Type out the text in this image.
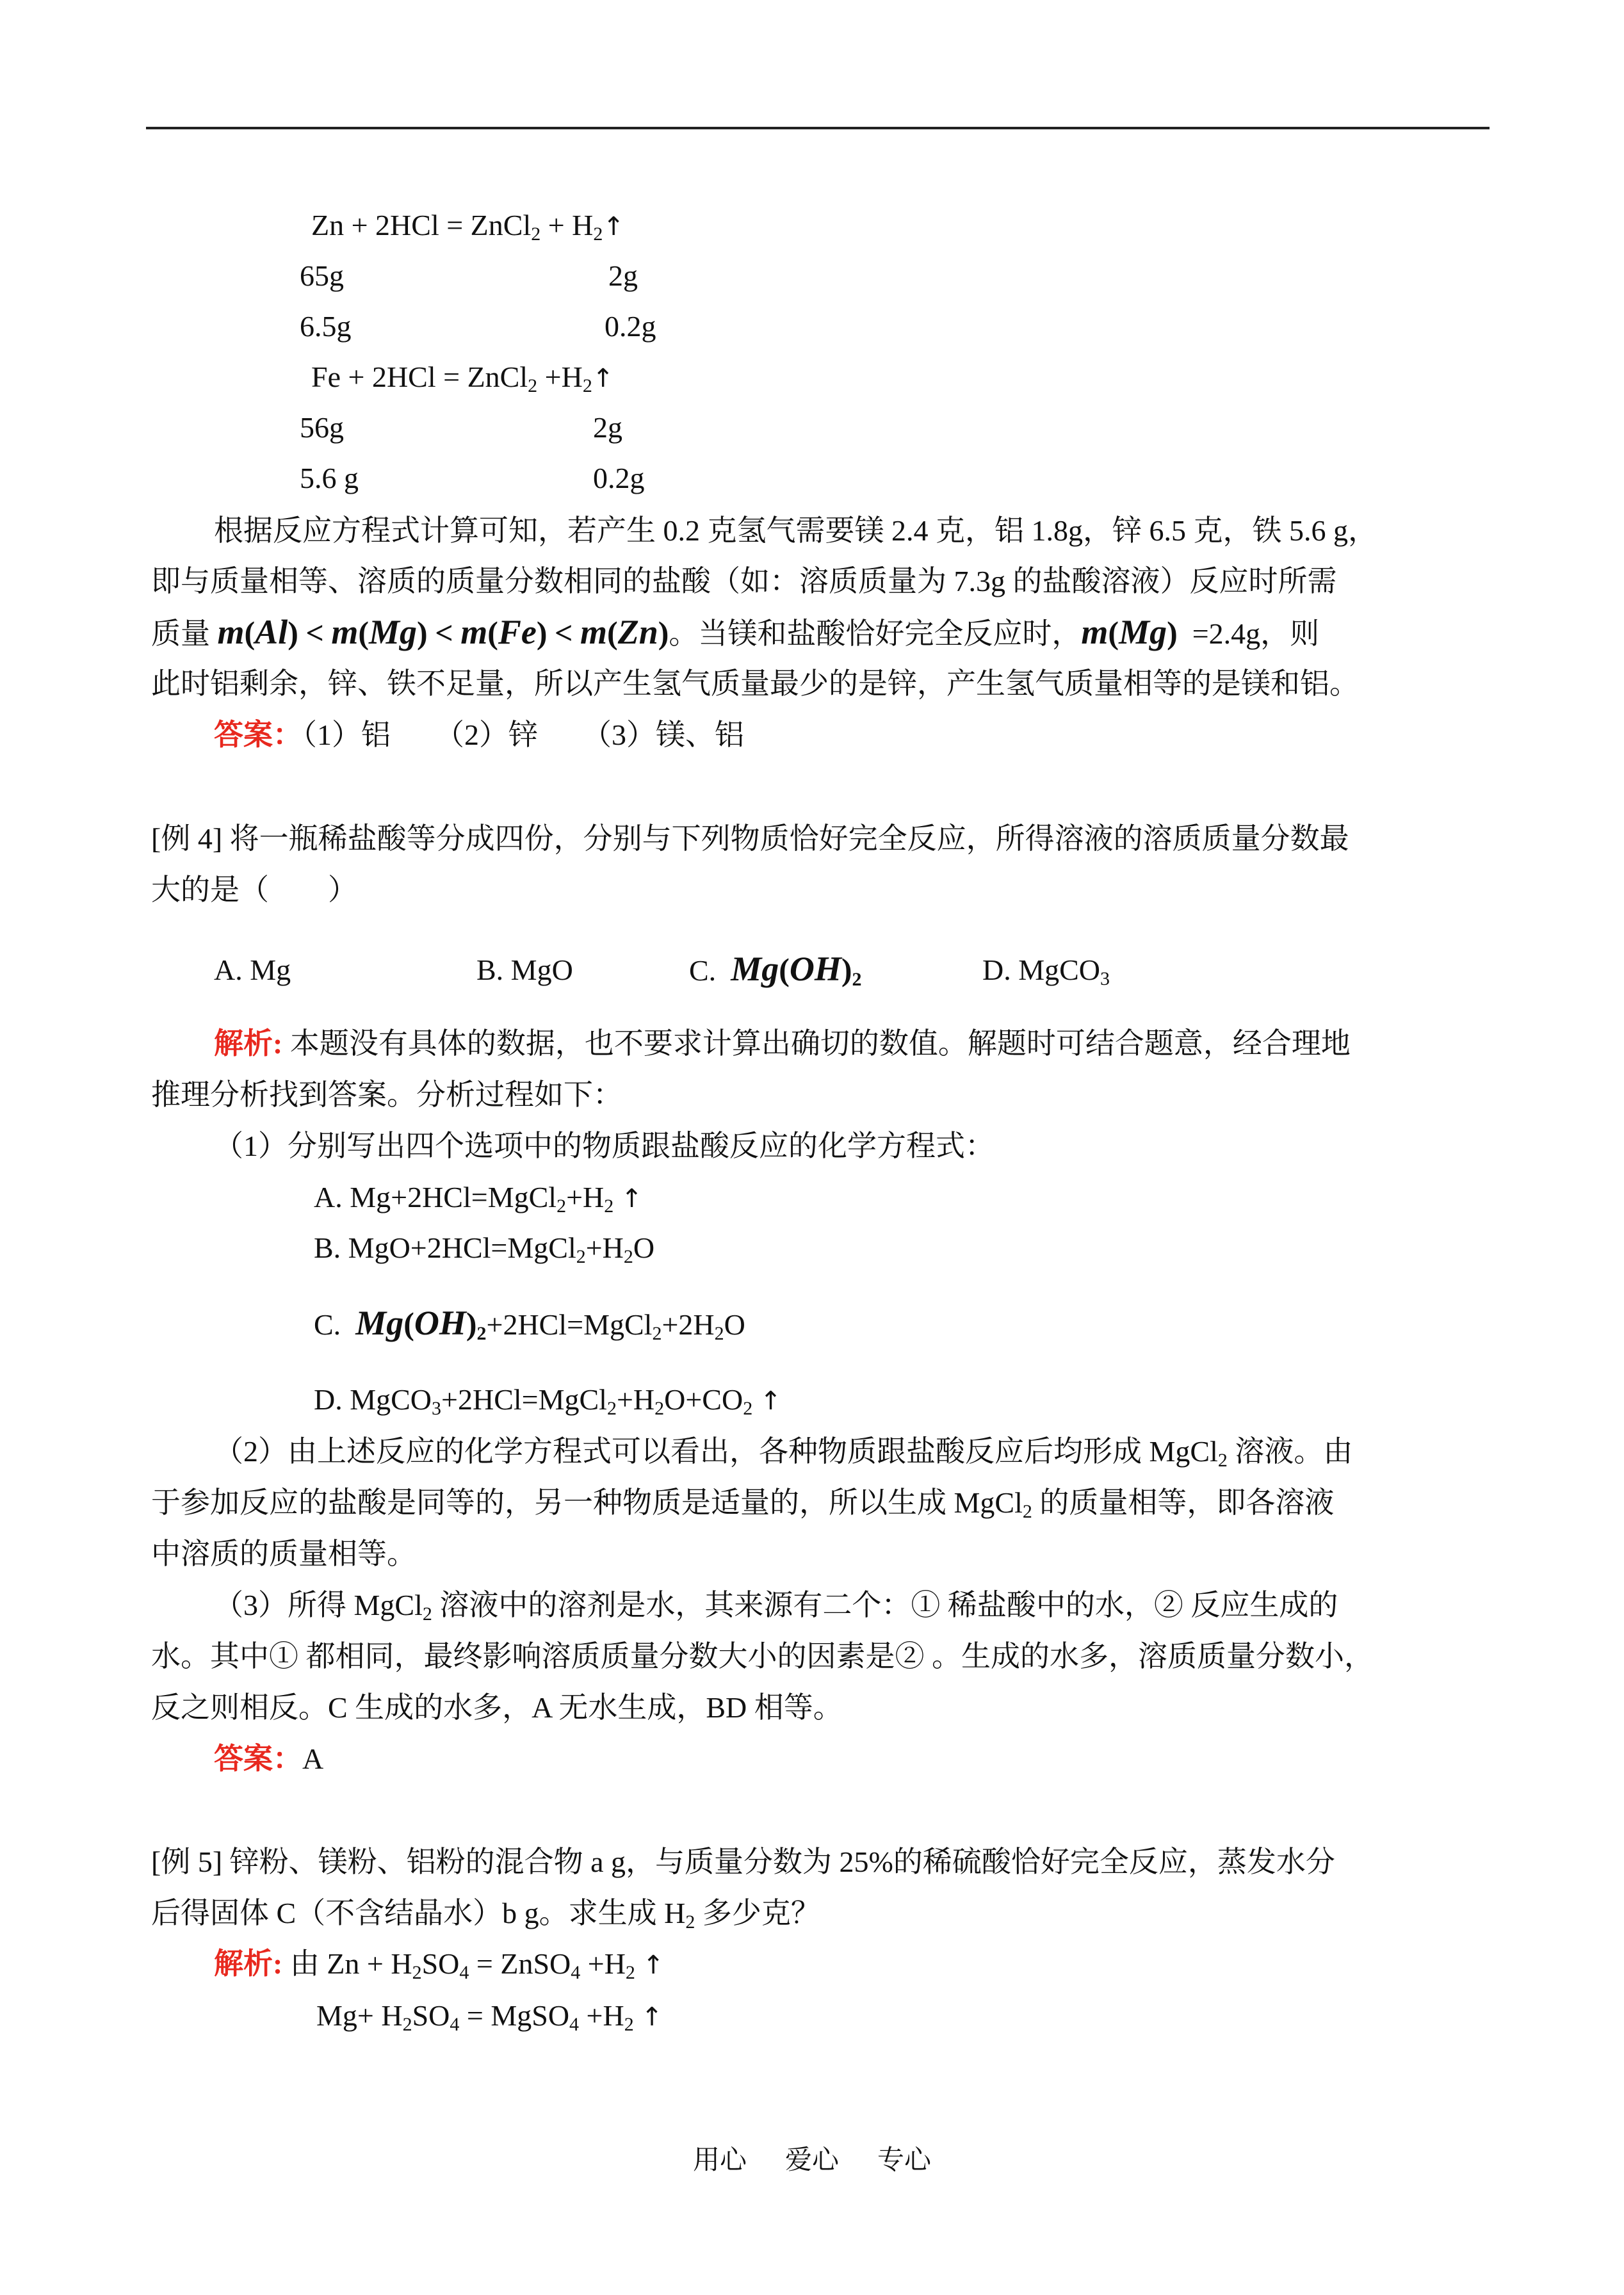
Zn + 2HCl = ZnCl$_2$ + $H_2↑$
65g	2g
6.5g	0.2g
Fe + 2HCl = ZnCl$_2$ $+H_2↑$
56g	2g
5.6 g	0.2g
根据反应方程式计算可知，若产生 0.2 克氢气需要镁 2.4 克，铝 1.8g，锌 6.5 克，铁 5.6 g，
即与质量相等、溶质的质量分数相同的盐酸（如：溶质质量为 7.3g 的盐酸溶液）反应时所需
质量 m(Al) < m(Mg) < m(Fe) < m(Zn)。当镁和盐酸恰好完全反应时，m(Mg) =2.4g，则
此时铝剩余，锌、铁不足量，所以产生氢气质量最少的是锌，产生氢气质量相等的是镁和铝。
答案：（1）铝　　（2）锌　　（3）镁、铝
[例 4] 将一瓶稀盐酸等分成四份，分别与下列物质恰好完全反应，所得溶液的溶质质量分数最
大的是（　　）
A. Mg	B. MgO	C. $Mg(OH)_2$	D. MgCO$_3$
解析: 本题没有具体的数据，也不要求计算出确切的数值。解题时可结合题意，经合理地
推理分析找到答案。分析过程如下：
（1）分别写出四个选项中的物质跟盐酸反应的化学方程式：
A. $Mg+2HCl=MgCl_2+H_2$ ↑
B. $MgO+2HCl=MgCl_2+H_2O$
C. $Mg(OH)_2+2HCl=MgCl_2+2H_2O$
D. $MgCO_3+2HCl=MgCl_2+H_2O+CO_2$ ↑
（2）由上述反应的化学方程式可以看出，各种物质跟盐酸反应后均形成 MgCl$_2$ 溶液。由
于参加反应的盐酸是同等的，另一种物质是适量的，所以生成 MgCl$_2$ 的质量相等，即各溶液
中溶质的质量相等。
（3）所得 MgCl$_2$ 溶液中的溶剂是水，其来源有二个：① 稀盐酸中的水，② 反应生成的
水。其中① 都相同，最终影响溶质质量分数大小的因素是② 。生成的水多，溶质质量分数小，
反之则相反。C 生成的水多，A 无水生成，BD 相等。
答案：A
[例 5] 锌粉、镁粉、铝粉的混合物 a g，与质量分数为 25%的稀硫酸恰好完全反应，蒸发水分
后得固体 C（不含结晶水）b g。求生成 $H_2$ 多少克？
解析: 由 $Zn + H_2SO_4$ = ZnSO$_4$ $+H_2$ ↑
$Mg+ H_2SO_4$ = MgSO$_4$ $+H_2$ ↑
用心 爱心 专心
